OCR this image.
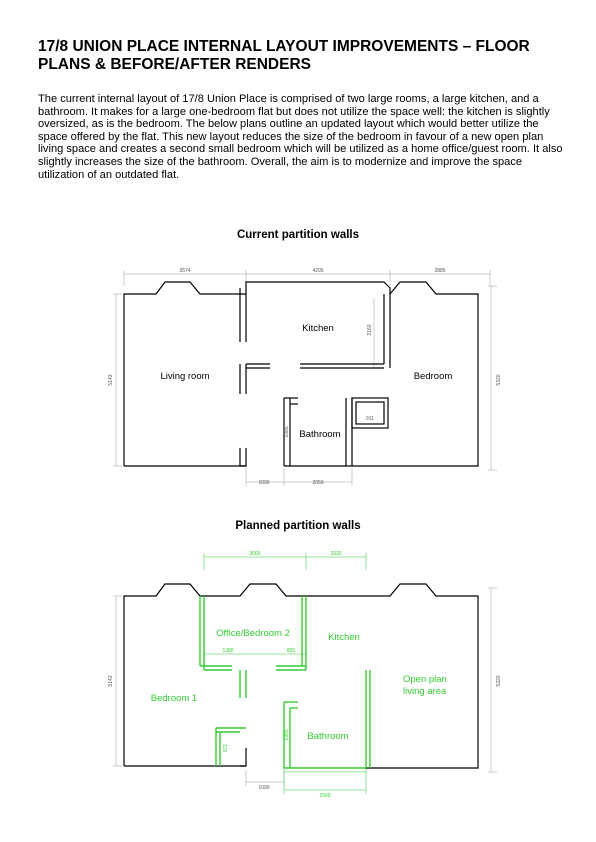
17/8 UNION PLACE INTERNAL LAYOUT IMPROVEMENTS – FLOOR PLANS & BEFORE/AFTER RENDERS

The current internal layout of 17/8 Union Place is comprised of two large rooms, a large kitchen, and a bathroom. It makes for a large one-bedroom flat but does not utilize the space well: the kitchen is slightly oversized, as is the bedroom. The below plans outline an updated layout which would better utilize the space offered by the flat. This new layout reduces the size of the bedroom in favour of a new open plan living space and creates a second small bedroom which will be utilized as a home office/guest room. It also slightly increases the size of the bathroom. Overall, the aim is to modernize and improve the space utilization of an outdated flat.

Current partition walls
3574	4295	2885
5143	5320
2160
1985
911
1090	2059
Kitchen
Living room	Bedroom
Bathroom
Planned partition walls
3000	2030
1380	800
5143	5320
1985
971
1090
2900
Office/Bedroom 2	Kitchen
Open plan
living area
Bedroom 1
Bathroom
